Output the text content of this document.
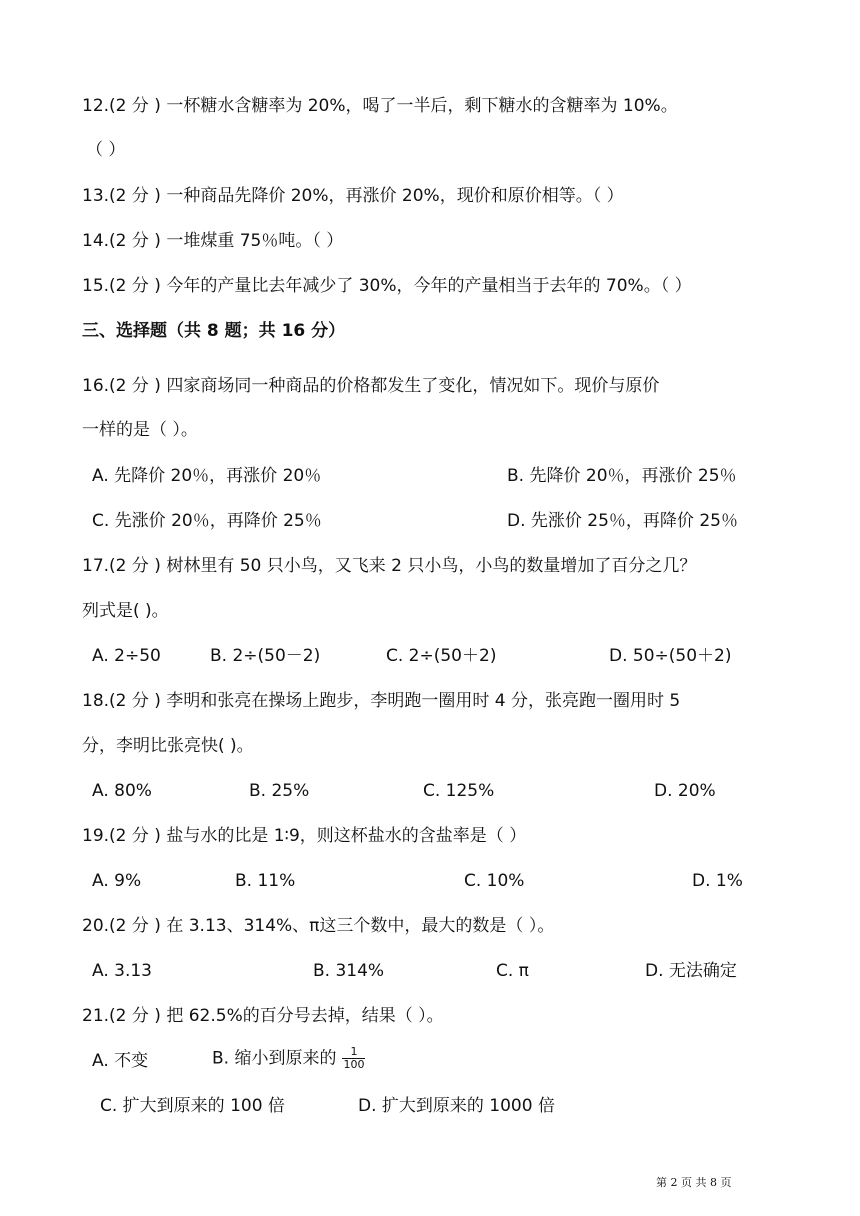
12.(2 分 ) 一杯糖水含糖率为 20%，喝了一半后，剩下糖水的含糖率为 10%。
（ ）
13.(2 分 ) 一种商品先降价 20%，再涨价 20%，现价和原价相等。（ ）
14.(2 分 ) 一堆煤重 75％吨。（ ）
15.(2 分 ) 今年的产量比去年减少了 30%，今年的产量相当于去年的 70%。（ ）
三、选择题（共 8 题；共 16 分）
16.(2 分 ) 四家商场同一种商品的价格都发生了变化，情况如下。现价与原价
一样的是（ ）。
A. 先降价 20％，再涨价 20％	B. 先降价 20％，再涨价 25％
C. 先涨价 20％，再降价 25％	D. 先涨价 25％，再降价 25％
17.(2 分 ) 树林里有 50 只小鸟，又飞来 2 只小鸟，小鸟的数量增加了百分之几？
列式是( )。
A. 2÷50	B. 2÷(50－2)	C. 2÷(50＋2)	D. 50÷(50＋2)
18.(2 分 ) 李明和张亮在操场上跑步，李明跑一圈用时 4 分，张亮跑一圈用时 5
分，李明比张亮快( )。
A. 80%	B. 25%	C. 125%	D. 20%
19.(2 分 ) 盐与水的比是 1∶9，则这杯盐水的含盐率是（ ）
A. 9%	B. 11%	C. 10%	D. 1%
20.(2 分 ) 在 3.13、314%、π这三个数中，最大的数是（ ）。
A. 3.13	B. 314%	C. π	D. 无法确定
21.(2 分 ) 把 62.5%的百分号去掉，结果（ ）。
A. 不变	B. 缩小到原来的 $\frac{1}{100}$
C. 扩大到原来的 100 倍	D. 扩大到原来的 1000 倍
第 2 页 共 8 页
